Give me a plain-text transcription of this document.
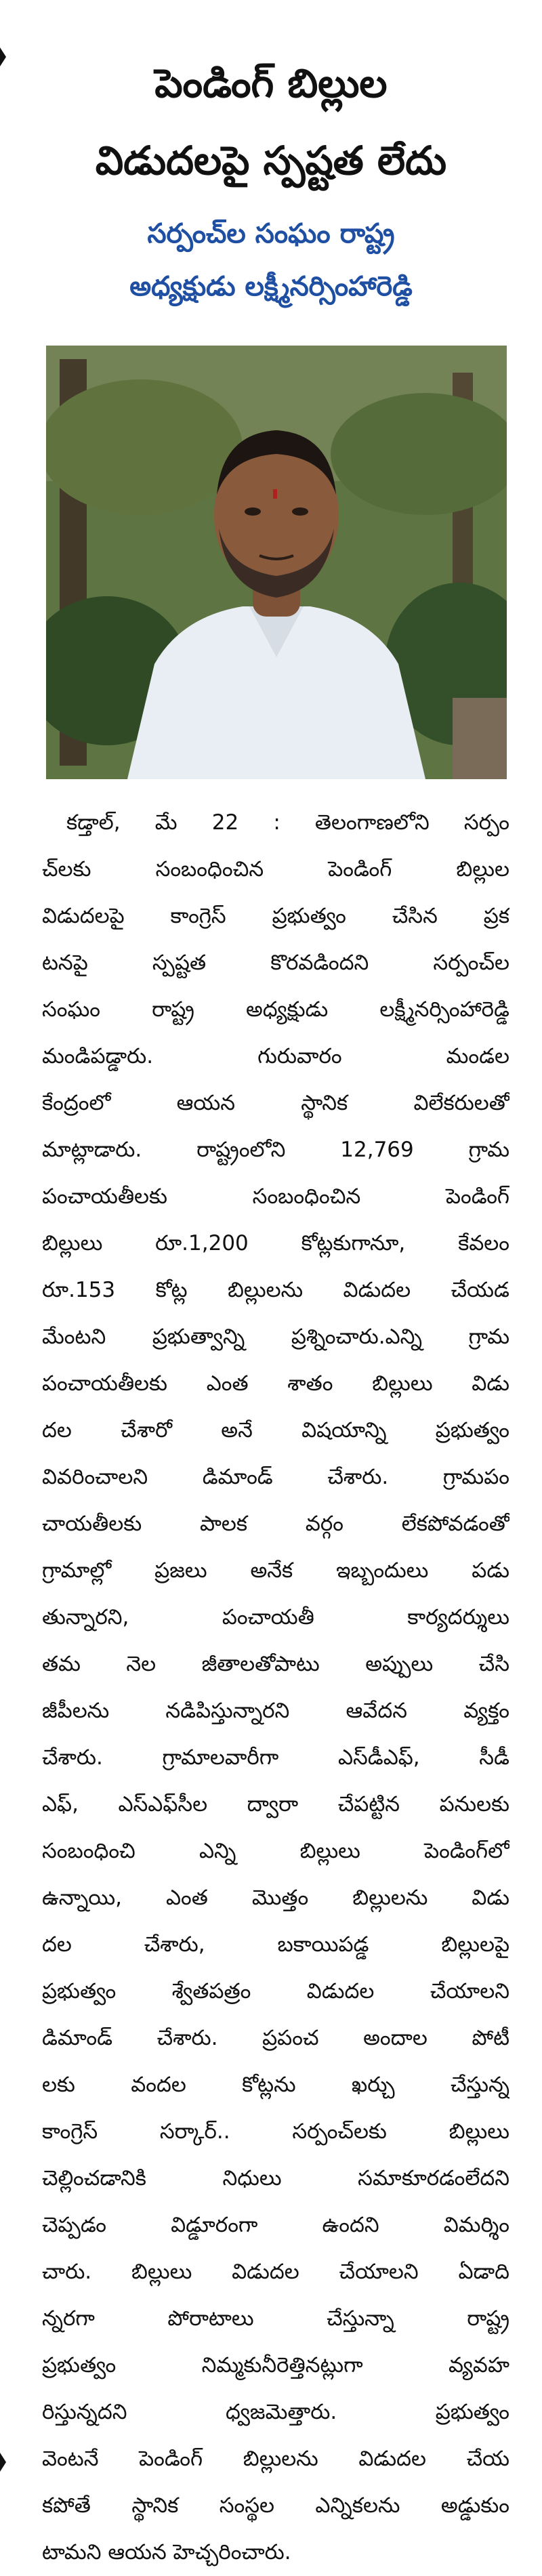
పెండింగ్ బిల్లుల
విడుదలపై స్పష్టత లేదు
సర్పంచ్‌ల సంఘం రాష్ట్ర
అధ్యక్షుడు లక్ష్మీనర్సింహారెడ్డి
కడ్తాల్, మే 22 : తెలంగాణలోని సర్పం
చ్‌లకు సంబంధించిన పెండింగ్ బిల్లుల
విడుదలపై కాంగ్రెస్ ప్రభుత్వం చేసిన ప్రక
టనపై స్పష్టత కొరవడిందని సర్పంచ్‌ల
సంఘం రాష్ట్ర అధ్యక్షుడు లక్ష్మీనర్సింహారెడ్డి
మండిపడ్డారు. గురువారం మండల
కేంద్రంలో ఆయన స్థానిక విలేకరులతో
మాట్లాడారు. రాష్ట్రంలోని 12,769 గ్రామ
పంచాయతీలకు సంబంధించిన పెండింగ్
బిల్లులు రూ.1,200 కోట్లకుగానూ, కేవలం
రూ.153 కోట్ల బిల్లులను విడుదల చేయడ
మేంటని ప్రభుత్వాన్ని ప్రశ్నించారు.ఎన్ని గ్రామ
పంచాయతీలకు ఎంత శాతం బిల్లులు విడు
దల చేశారో అనే విషయాన్ని ప్రభుత్వం
వివరించాలని డిమాండ్ చేశారు. గ్రామపం
చాయతీలకు పాలక వర్గం లేకపోవడంతో
గ్రామాల్లో ప్రజలు అనేక ఇబ్బందులు పడు
తున్నారని, పంచాయతీ కార్యదర్శులు
తమ నెల జీతాలతోపాటు అప్పులు చేసి
జీపీలను నడిపిస్తున్నారని ఆవేదన వ్యక్తం
చేశారు. గ్రామాలవారీగా ఎస్‌డీఎఫ్, సీడీ
ఎఫ్, ఎస్ఎఫ్‌సీల ద్వారా చేపట్టిన పనులకు
సంబంధించి ఎన్ని బిల్లులు పెండింగ్‌లో
ఉన్నాయి, ఎంత మొత్తం బిల్లులను విడు
దల చేశారు, బకాయిపడ్డ బిల్లులపై
ప్రభుత్వం శ్వేతపత్రం విడుదల చేయాలని
డిమాండ్ చేశారు. ప్రపంచ అందాల పోటీ
లకు వందల కోట్లను ఖర్చు చేస్తున్న
కాంగ్రెస్ సర్కార్.. సర్పంచ్‌లకు బిల్లులు
చెల్లించడానికి నిధులు సమాకూరడంలేదని
చెప్పడం విడ్డూరంగా ఉందని విమర్శిం
చారు. బిల్లులు విడుదల చేయాలని ఏడాది
న్నరగా పోరాటాలు చేస్తున్నా రాష్ట్ర
ప్రభుత్వం నిమ్మకునీరెత్తినట్లుగా వ్యవహ
రిస్తున్నదని ధ్వజమెత్తారు. ప్రభుత్వం
వెంటనే పెండింగ్ బిల్లులను విడుదల చేయ
కపోతే స్థానిక సంస్థల ఎన్నికలను అడ్డుకుం
టామని ఆయన హెచ్చరించారు.
